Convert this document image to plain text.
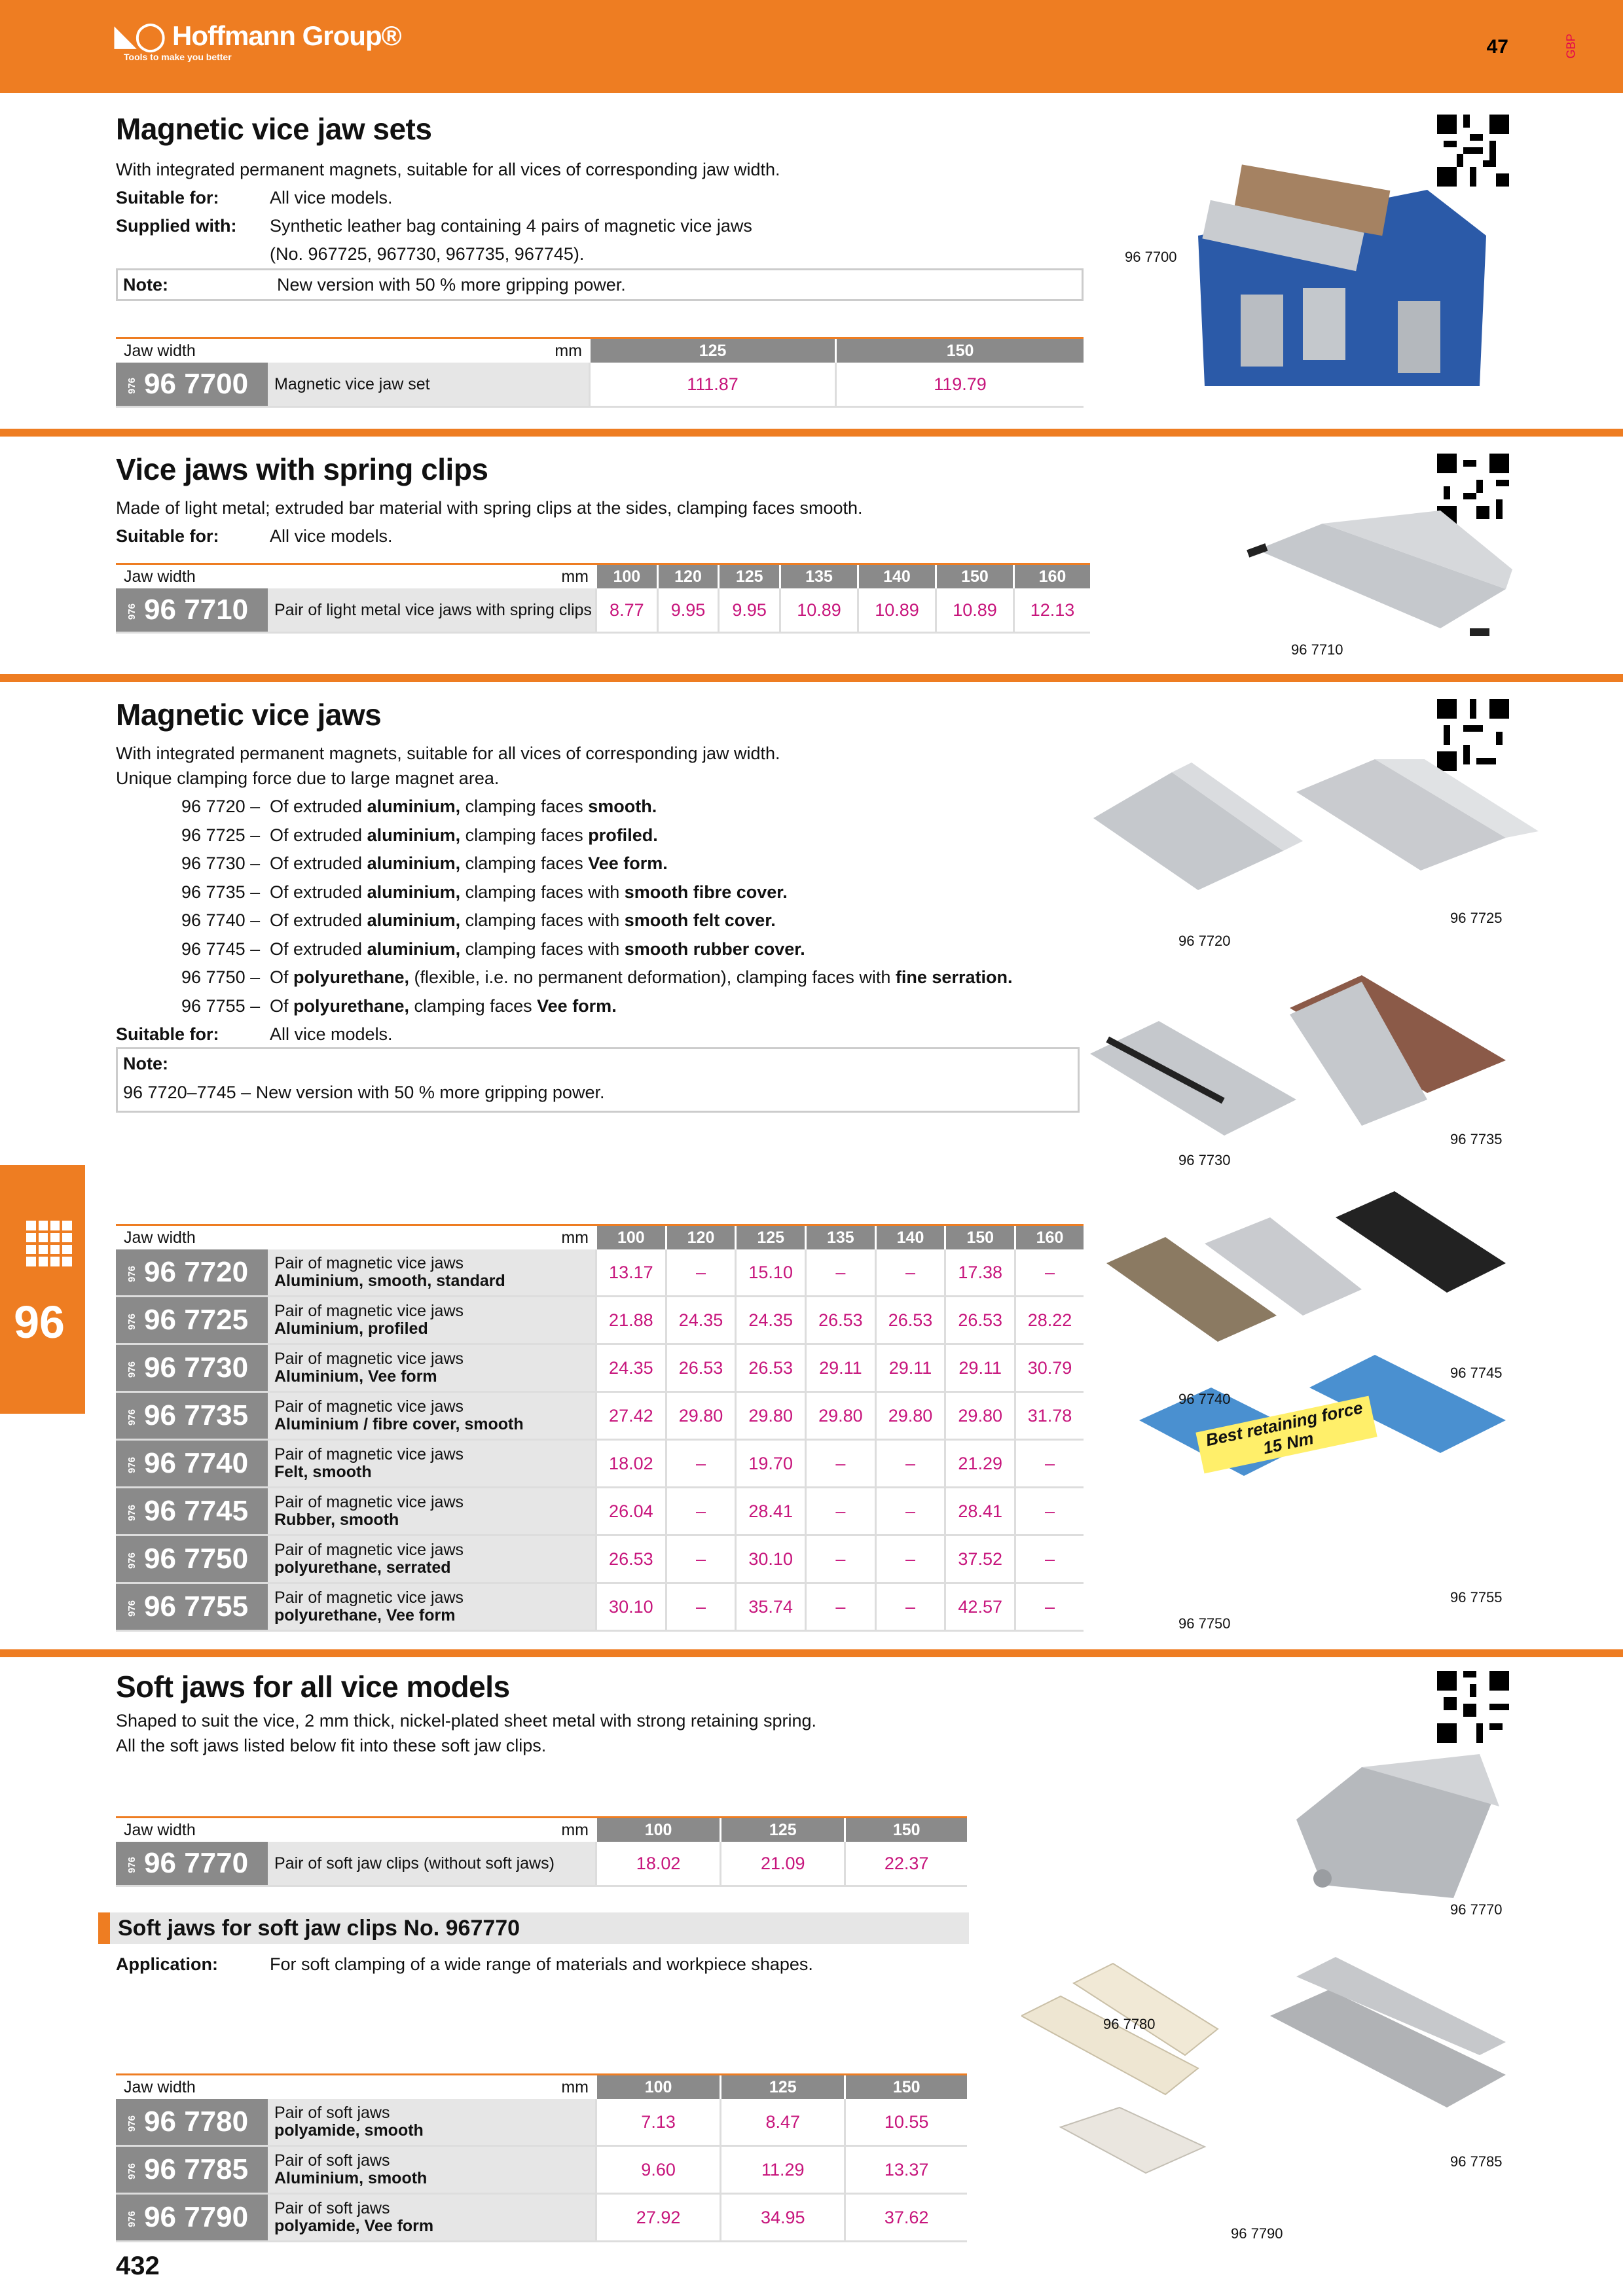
◣◯ Hoffmann Group®
Tools to make you better	47	GBP
Magnetic vice jaw sets
With integrated permanent magnets, suitable for all vices of corresponding jaw width.
Suitable for:	All vice models.
Supplied with: Synthetic leather bag containing 4 pairs of magnetic vice jaws
(No. 967725, 967730, 967735, 967745).
Note:	New version with 50 % more gripping power.
96 7700
Jaw width	mm	125	150
976 96 7700	Magnetic vice jaw set	111.87	119.79
Vice jaws with spring clips
Made of light metal; extruded bar material with spring clips at the sides, clamping faces smooth.
Suitable for:	All vice models.
96 7710
Jaw width	mm	100	120	125	135	140	150	160
976 96 7710	Pair of light metal vice jaws with spring clips	8.77	9.95	9.95	10.89	10.89	10.89	12.13
Magnetic vice jaws
With integrated permanent magnets, suitable for all vices of corresponding jaw width.
Unique clamping force due to large magnet area.
96 7720 – Of extruded aluminium, clamping faces smooth.
96 7725 – Of extruded aluminium, clamping faces profiled.
96 7730 – Of extruded aluminium, clamping faces Vee form.
96 7735 – Of extruded aluminium, clamping faces with smooth fibre cover.
96 7740 – Of extruded aluminium, clamping faces with smooth felt cover.
96 7745 – Of extruded aluminium, clamping faces with smooth rubber cover.
96 7750 – Of polyurethane, (flexible, i.e. no permanent deformation), clamping faces with fine serration.
96 7755 – Of polyurethane, clamping faces Vee form.
Suitable for:	All vice models.
Note:
96 7720–7745 – New version with 50 % more gripping power.
96 7720
96 7725
96 7730
96 7735
96 7740
96 7745
96 7750
96 7755
Best retaining force 15 Nm
96
Jaw width	mm	100	120	125	135	140	150	160
976 96 7720	Pair of magnetic vice jaws
Aluminium, smooth, standard	13.17	–	15.10	–	–	17.38	–
976 96 7725	Pair of magnetic vice jaws
Aluminium, profiled	21.88	24.35	24.35	26.53	26.53	26.53	28.22
976 96 7730	Pair of magnetic vice jaws
Aluminium, Vee form	24.35	26.53	26.53	29.11	29.11	29.11	30.79
976 96 7735	Pair of magnetic vice jaws
Aluminium / fibre cover, smooth	27.42	29.80	29.80	29.80	29.80	29.80	31.78
976 96 7740	Pair of magnetic vice jaws
Felt, smooth	18.02	–	19.70	–	–	21.29	–
976 96 7745	Pair of magnetic vice jaws
Rubber, smooth	26.04	–	28.41	–	–	28.41	–
976 96 7750	Pair of magnetic vice jaws
polyurethane, serrated	26.53	–	30.10	–	–	37.52	–
976 96 7755	Pair of magnetic vice jaws
polyurethane, Vee form	30.10	–	35.74	–	–	42.57	–
Soft jaws for all vice models
Shaped to suit the vice, 2 mm thick, nickel-plated sheet metal with strong retaining spring.
All the soft jaws listed below fit into these soft jaw clips.
96 7770
Jaw width	mm	100	125	150
976 96 7770	Pair of soft jaw clips (without soft jaws)	18.02	21.09	22.37
Soft jaws for soft jaw clips No. 967770
Application:	For soft clamping of a wide range of materials and workpiece shapes.
96 7780
96 7785
96 7790
Jaw width	mm	100	125	150
976 96 7780	Pair of soft jaws
polyamide, smooth	7.13	8.47	10.55
976 96 7785	Pair of soft jaws
Aluminium, smooth	9.60	11.29	13.37
976 96 7790	Pair of soft jaws
polyamide, Vee form	27.92	34.95	37.62
432
